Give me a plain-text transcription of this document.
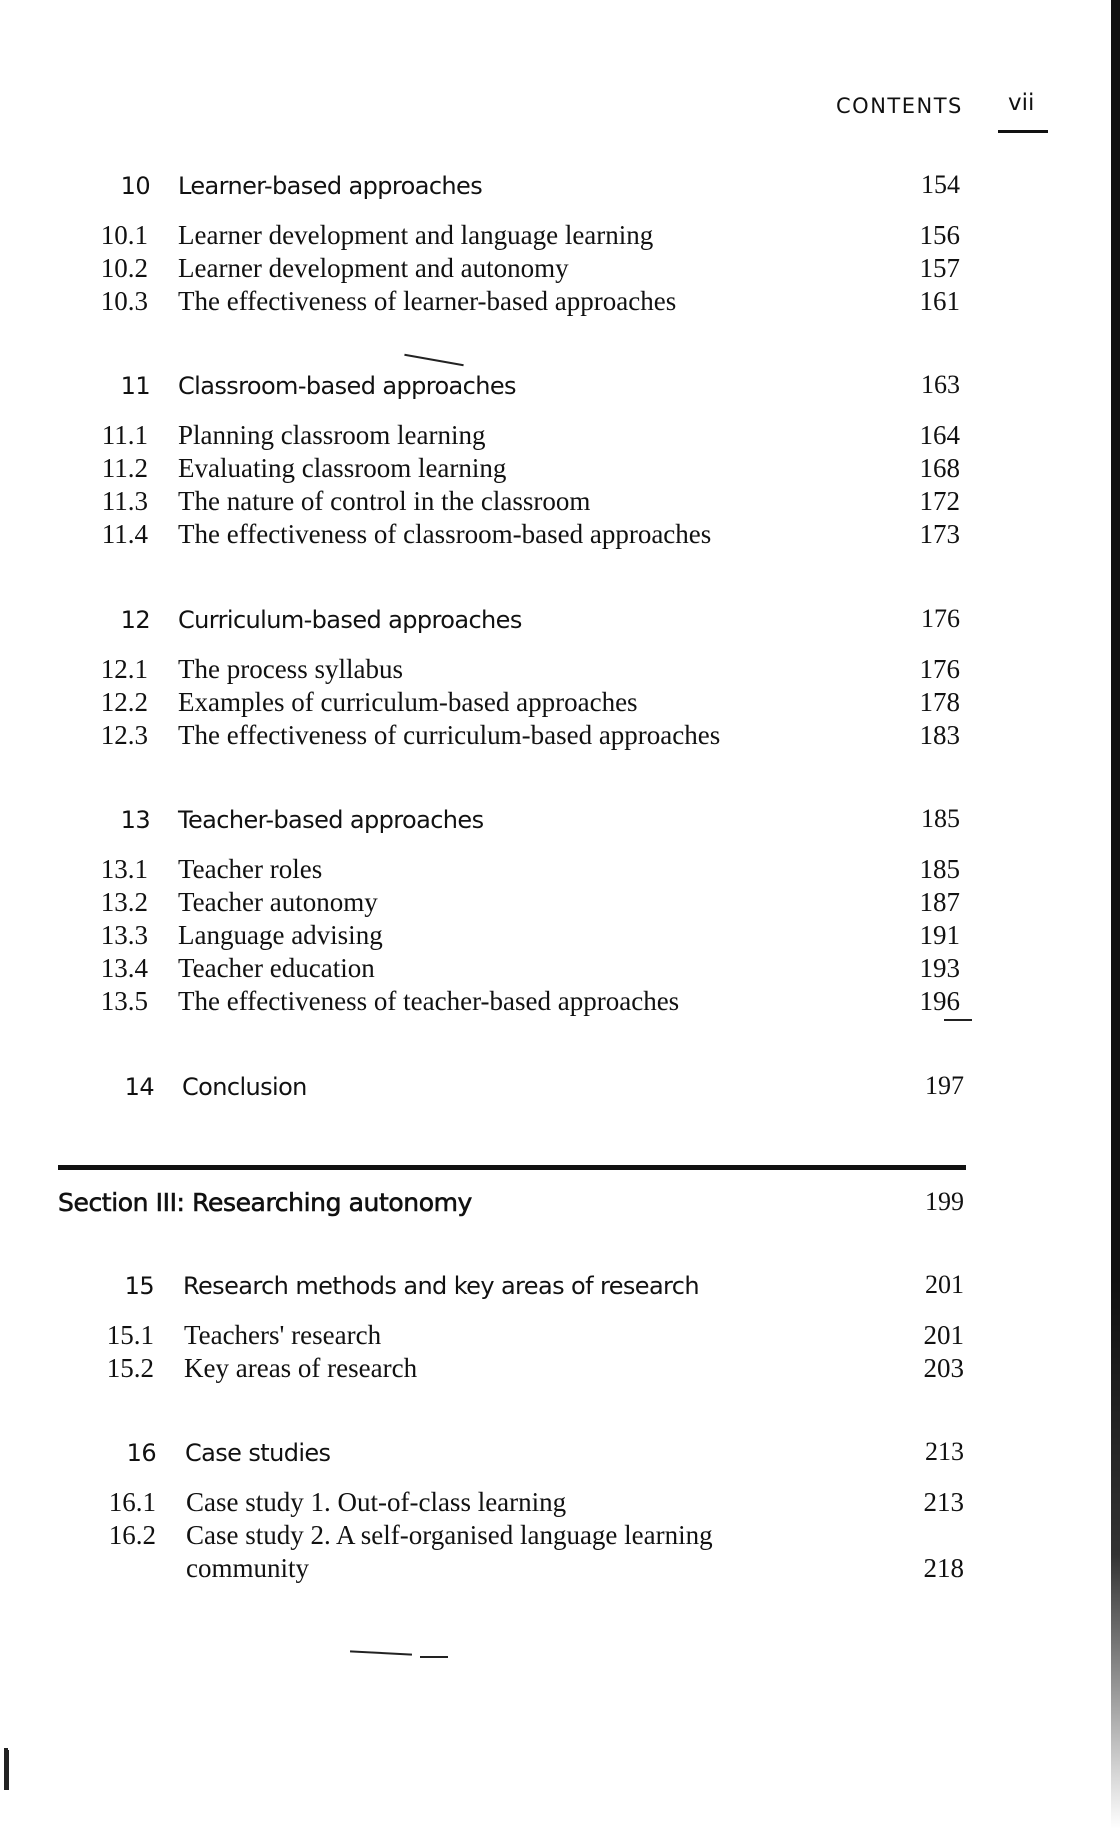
CONTENTS vii
10 Learner-based approaches	154
10.1 Learner development and language learning	156
10.2 Learner development and autonomy	157
10.3 The effectiveness of learner-based approaches	161
11 Classroom-based approaches	163
11.1 Planning classroom learning	164
11.2 Evaluating classroom learning	168
11.3 The nature of control in the classroom	172
11.4 The effectiveness of classroom-based approaches	173
12 Curriculum-based approaches	176
12.1 The process syllabus	176
12.2 Examples of curriculum-based approaches	178
12.3 The effectiveness of curriculum-based approaches	183
13 Teacher-based approaches	185
13.1 Teacher roles	185
13.2 Teacher autonomy	187
13.3 Language advising	191
13.4 Teacher education	193
13.5 The effectiveness of teacher-based approaches	196
14 Conclusion	197
Section III: Researching autonomy	199
15 Research methods and key areas of research	201
15.1 Teachers' research	201
15.2 Key areas of research	203
16 Case studies	213
16.1 Case study 1. Out-of-class learning	213
16.2 Case study 2. A self-organised language learning
community	218
